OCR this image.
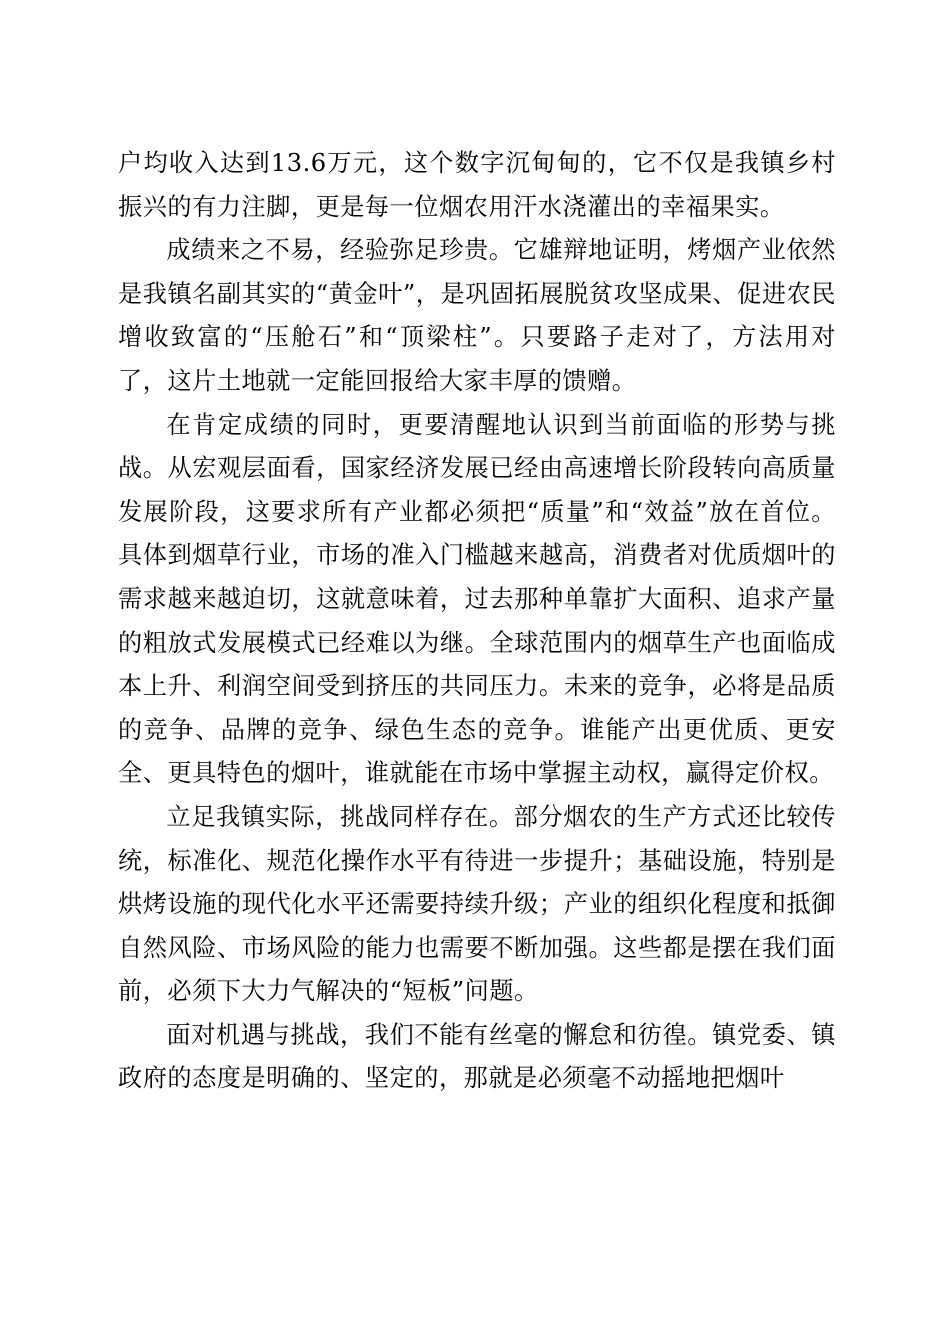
户均收入达到13.6万元，这个数字沉甸甸的，它不仅是我镇乡村振兴的有力注脚，更是每一位烟农用汗水浇灌出的幸福果实。

成绩来之不易，经验弥足珍贵。它雄辩地证明，烤烟产业依然是我镇名副其实的“黄金叶”，是巩固拓展脱贫攻坚成果、促进农民增收致富的“压舱石”和“顶梁柱”。只要路子走对了，方法用对了，这片土地就一定能回报给大家丰厚的馈赠。

在肯定成绩的同时，更要清醒地认识到当前面临的形势与挑战。从宏观层面看，国家经济发展已经由高速增长阶段转向高质量发展阶段，这要求所有产业都必须把“质量”和“效益”放在首位。具体到烟草行业，市场的准入门槛越来越高，消费者对优质烟叶的需求越来越迫切，这就意味着，过去那种单靠扩大面积、追求产量的粗放式发展模式已经难以为继。全球范围内的烟草生产也面临成本上升、利润空间受到挤压的共同压力。未来的竞争，必将是品质的竞争、品牌的竞争、绿色生态的竞争。谁能产出更优质、更安全、更具特色的烟叶，谁就能在市场中掌握主动权，赢得定价权。

立足我镇实际，挑战同样存在。部分烟农的生产方式还比较传统，标准化、规范化操作水平有待进一步提升；基础设施，特别是烘烤设施的现代化水平还需要持续升级；产业的组织化程度和抵御自然风险、市场风险的能力也需要不断加强。这些都是摆在我们面前，必须下大力气解决的“短板”问题。

面对机遇与挑战，我们不能有丝毫的懈怠和彷徨。镇党委、镇政府的态度是明确的、坚定的，那就是必须毫不动摇地把烟叶
